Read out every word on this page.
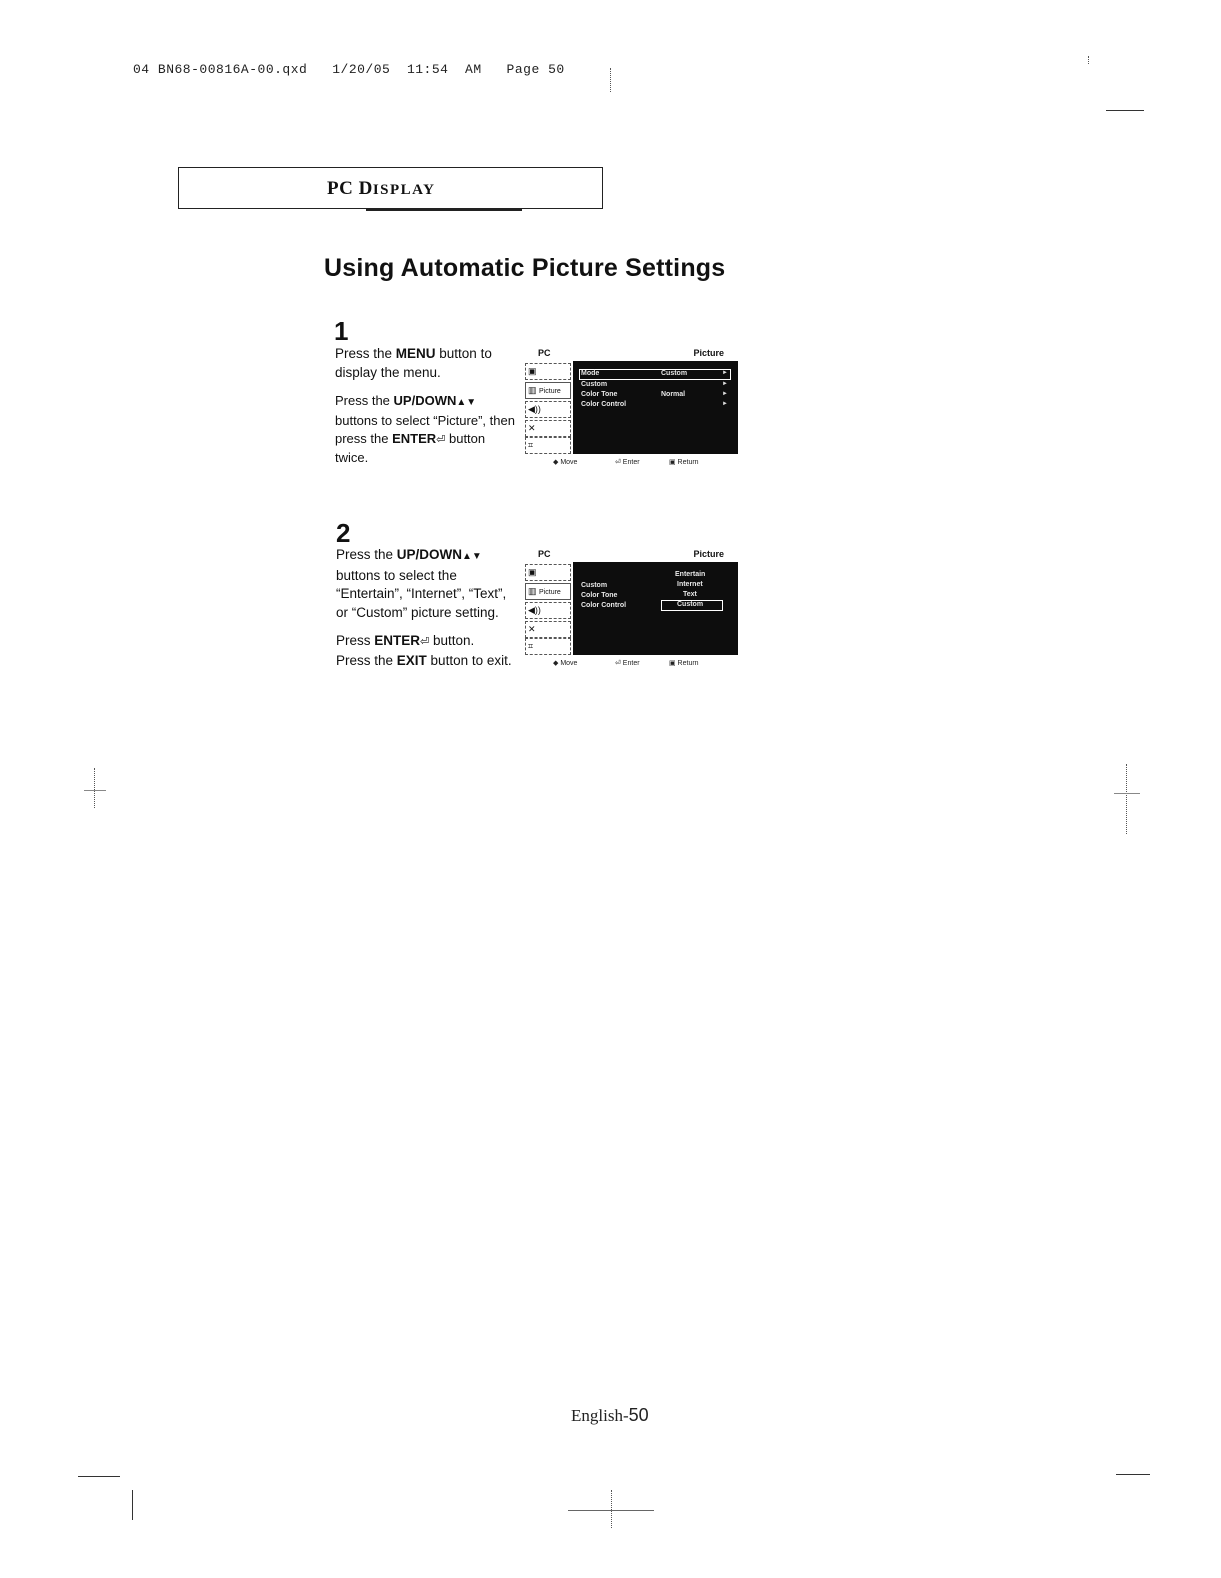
04 BN68-00816A-00.qxd   1/20/05  11:54  AM   Page 50
PC DISPLAY
Using Automatic Picture Settings
1

Press the MENU button to display the menu.

Press the UP/DOWN▲▼ buttons to select “Picture”, then press the ENTER⏎ button twice.

PC	Picture
▣
▥ Picture
◀))
✕
⌗
Mode	Custom	►
Custom	►
Color Tone	Normal	►
Color Control	►
◆ Move	⏎ Enter	▣ Return
2

Press the UP/DOWN▲▼ buttons to select the “Entertain”, “Internet”, “Text”, or “Custom” picture setting.

Press ENTER⏎ button.

Press the EXIT button to exit.

PC	Picture
▣
▥ Picture
◀))
✕
⌗
Custom
Color Tone
Color Control
Entertain
Internet
Text
Custom
◆ Move	⏎ Enter	▣ Return
English-50
